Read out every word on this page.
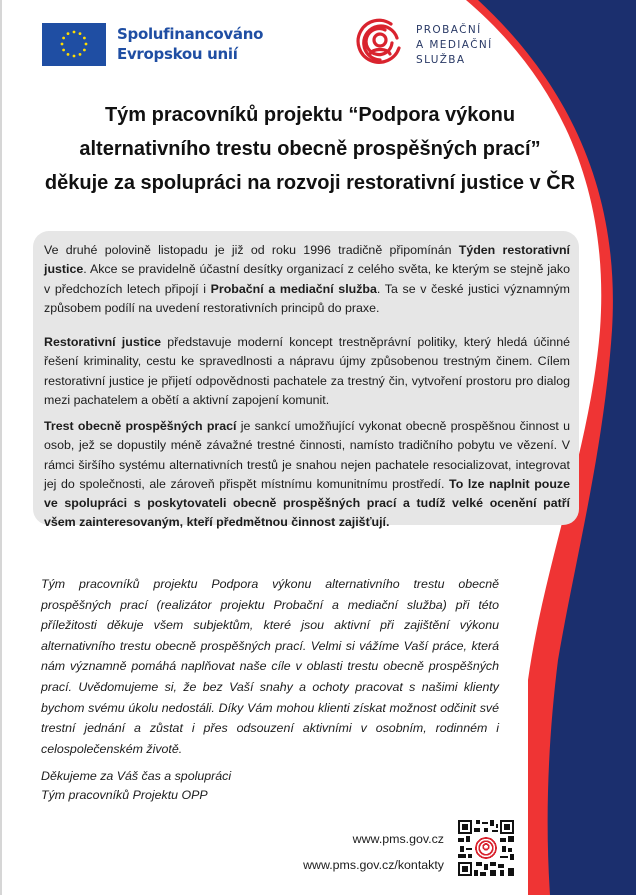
Spolufinancováno
Evropskou unií
PROBAČNÍ
A MEDIAČNÍ
SLUŽBA
Tým pracovníků projektu “Podpora výkonu
alternativního trestu obecně prospěšných prací”
děkuje za spolupráci na rozvoji restorativní justice v ČR

Ve druhé polovině listopadu je již od roku 1996 tradičně připomínán Týden restorativní justice. Akce se pravidelně účastní desítky organizací z celého světa, ke kterým se stejně jako v předchozích letech připojí i Probační a mediační služba. Ta se v české justici významným způsobem podílí na uvedení restorativních principů do praxe.

Restorativní justice představuje moderní koncept trestněprávní politiky, který hledá účinné řešení kriminality, cestu ke spravedlnosti a nápravu újmy způsobenou trestným činem. Cílem restorativní justice je přijetí odpovědnosti pachatele za trestný čin, vytvoření prostoru pro dialog mezi pachatelem a obětí a aktivní zapojení komunit.

Trest obecně prospěšných prací je sankcí umožňující vykonat obecně prospěšnou činnost u osob, jež se dopustily méně závažné trestné činnosti, namísto tradičního pobytu ve vězení. V rámci širšího systému alternativních trestů je snahou nejen pachatele resocializovat, integrovat jej do společnosti, ale zároveň přispět místnímu komunitnímu prostředí. To lze naplnit pouze ve spolupráci s poskytovateli obecně prospěšných prací a tudíž velké ocenění patří všem zainteresovaným, kteří předmětnou činnost zajišťují.

Tým pracovníků projektu Podpora výkonu alternativního trestu obecně prospěšných prací (realizátor projektu Probační a mediační služba) při této příležitosti děkuje všem subjektům, které jsou aktivní při zajištění výkonu alternativního trestu obecně prospěšných prací. Velmi si vážíme Vaší práce, která nám významně pomáhá naplňovat naše cíle v oblasti trestu obecně prospěšných prací. Uvědomujeme si, že bez Vaší snahy a ochoty pracovat s našimi klienty bychom svému úkolu nedostáli. Díky Vám mohou klienti získat možnost odčinit své trestní jednání a zůstat i přes odsouzení aktivními v osobním, rodinném i celospolečenském životě.

Děkujeme za Váš čas a spolupráci
Tým pracovníků Projektu OPP
www.pms.gov.cz
www.pms.gov.cz/kontakty
